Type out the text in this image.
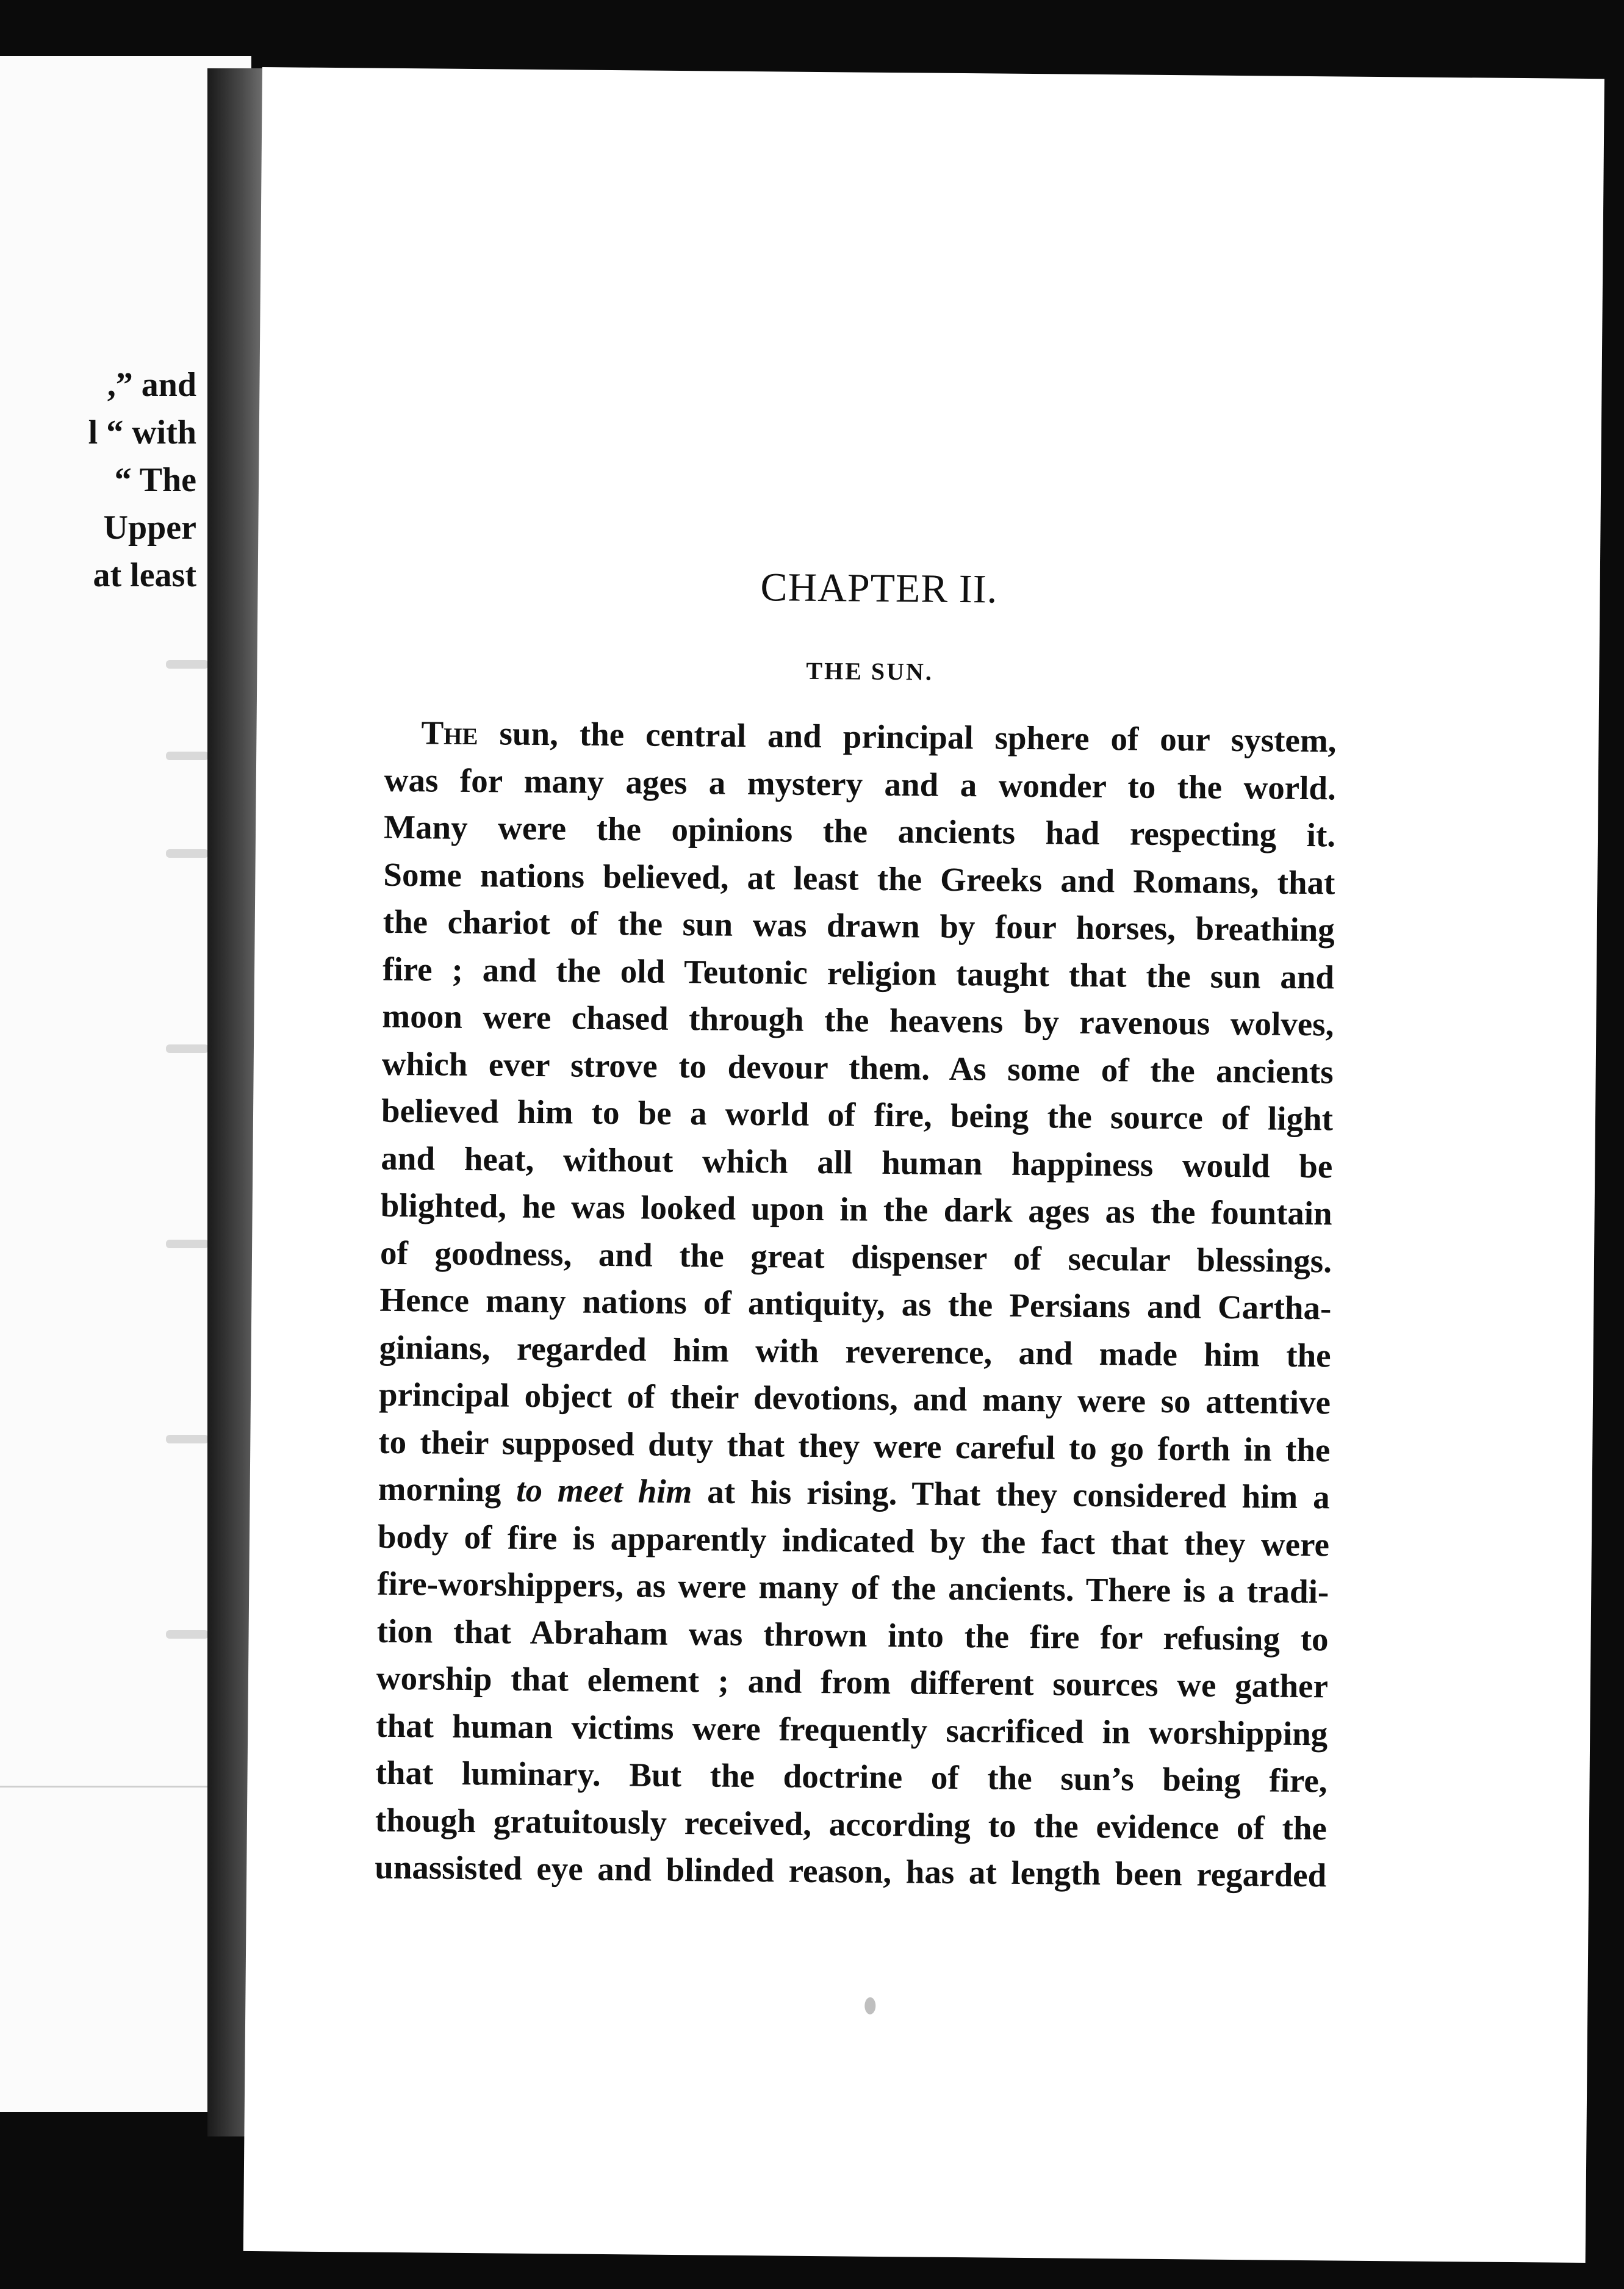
,” and
l “ with
“ The
Upper
at least	CHAPTER II.
THE SUN.
The sun, the central and principal sphere of our system,
was for many ages a mystery and a wonder to the world.
Many were the opinions the ancients had respecting it.
Some nations believed, at least the Greeks and Romans, that
the chariot of the sun was drawn by four horses, breathing
fire ; and the old Teutonic religion taught that the sun and
moon were chased through the heavens by ravenous wolves,
which ever strove to devour them. As some of the ancients
believed him to be a world of fire, being the source of light
and heat, without which all human happiness would be
blighted, he was looked upon in the dark ages as the fountain
of goodness, and the great dispenser of secular blessings.
Hence many nations of antiquity, as the Persians and Cartha-
ginians, regarded him with reverence, and made him the
principal object of their devotions, and many were so attentive
to their supposed duty that they were careful to go forth in the
morning to meet him at his rising. That they considered him a
body of fire is apparently indicated by the fact that they were
fire-worshippers, as were many of the ancients. There is a tradi-
tion that Abraham was thrown into the fire for refusing to
worship that element ; and from different sources we gather
that human victims were frequently sacrificed in worshipping
that luminary. But the doctrine of the sun’s being fire,
though gratuitously received, according to the evidence of the
unassisted eye and blinded reason, has at length been regarded
